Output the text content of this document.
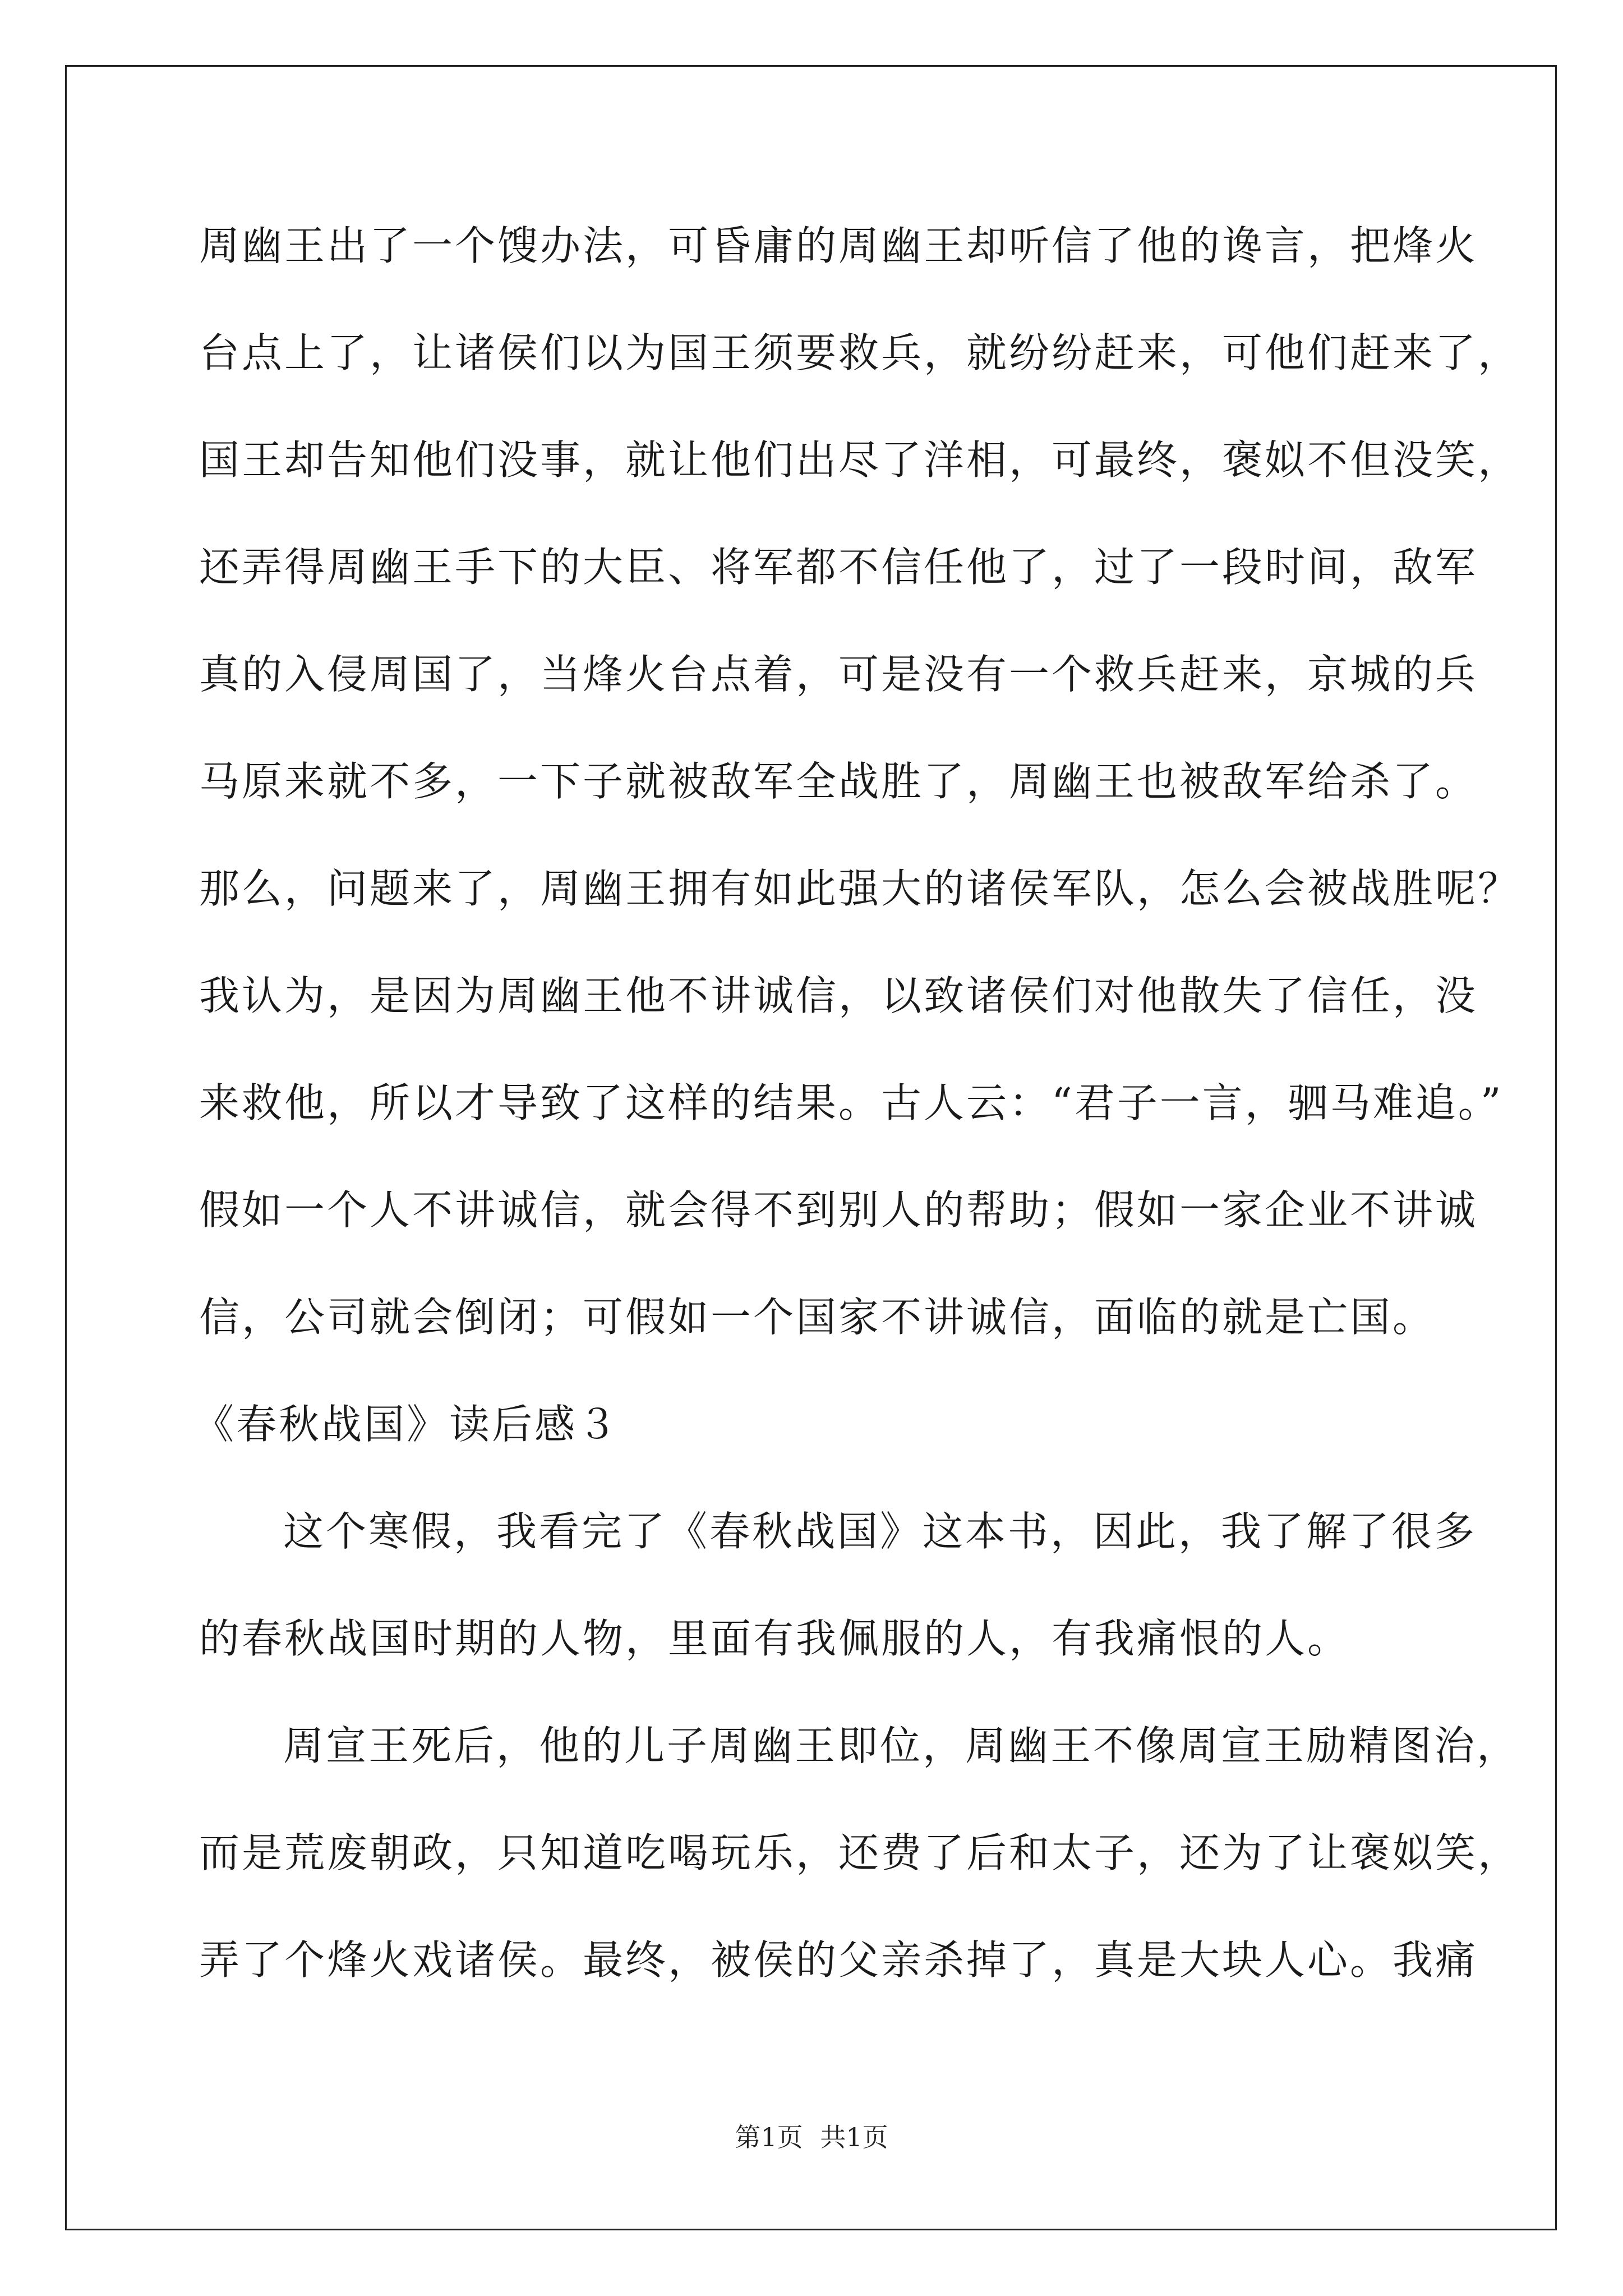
周幽王出了一个馊办法，可昏庸的周幽王却听信了他的谗言，把烽火
台点上了，让诸侯们以为国王须要救兵，就纷纷赶来，可他们赶来了，
国王却告知他们没事，就让他们出尽了洋相，可最终，褒姒不但没笑，
还弄得周幽王手下的大臣、将军都不信任他了，过了一段时间，敌军
真的入侵周国了，当烽火台点着，可是没有一个救兵赶来，京城的兵
马原来就不多，一下子就被敌军全战胜了，周幽王也被敌军给杀了。
那么，问题来了，周幽王拥有如此强大的诸侯军队，怎么会被战胜呢？
我认为，是因为周幽王他不讲诚信，以致诸侯们对他散失了信任，没
来救他，所以才导致了这样的结果。古人云：“君子一言，驷马难追。”
假如一个人不讲诚信，就会得不到别人的帮助；假如一家企业不讲诚
信，公司就会倒闭；可假如一个国家不讲诚信，面临的就是亡国。
《春秋战国》读后感３
这个寒假，我看完了《春秋战国》这本书，因此，我了解了很多
的春秋战国时期的人物，里面有我佩服的人，有我痛恨的人。
周宣王死后，他的儿子周幽王即位，周幽王不像周宣王励精图治，
而是荒废朝政，只知道吃喝玩乐，还费了后和太子，还为了让褒姒笑，
弄了个烽火戏诸侯。最终，被侯的父亲杀掉了，真是大块人心。我痛
第1页 共1页
